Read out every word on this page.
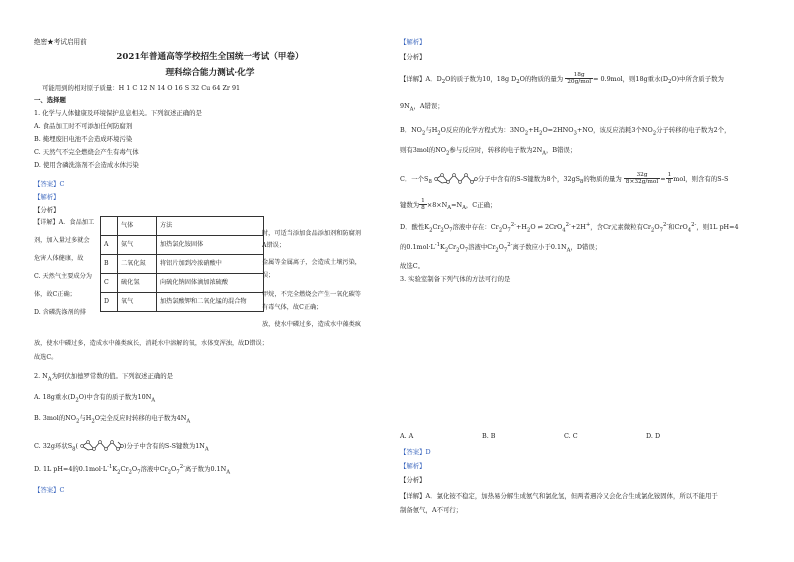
绝密★考试启用前
2021年普通高等学校招生全国统一考试（甲卷）
理科综合能力测试·化学
可能用到的相对原子质量：H 1 C 12 N 14 O 16 S 32 Cu 64 Zr 91
一、选择题
1. 化学与人体健康及环境保护息息相关。下列叙述正确的是
A. 食品加工时不可添加任何防腐剂
B. 掩埋废旧电池不会造成环境污染
C. 天然气不完全燃烧会产生有毒气体
D. 使用含磷洗涤剂不会造成水体污染
【答案】C
【解析】
【分析】
【详解】A．食品加工
剂，加入量过多就会
危害人体健康，故
C. 天然气主要成分为
体，故C正确；
D. 含磷洗涤剂的排
	气体	方法
A	氨气	加热氯化铵固体
B	二氧化氮	将铝片加到冷浓硝酸中
C	硫化氢	向硫化钠固体滴加浓硫酸
D	氧气	加热氯酸钾和二氧化锰的混合物
时，可适当添加食品添加剂和防腐剂
A错误；
金属等金属离子，会造成土壤污染，
误；
甲烷，不完全燃烧会产生一氧化碳等
有毒气体，故C正确；
放，使水中磷过多，造成水中藻类疯
放，使水中磷过多，造成水中藻类疯长，消耗水中溶解的氧，水体变浑浊，故D错误；
故选C。
2. $N_A$为阿伏加德罗常数的值。下列叙述正确的是
A. 18g重水$(D_2O)$中含有的质子数为$10N_A$
B. 3mol的$NO_2$与$H_2O$完全反应时转移的电子数为$4N_A$
C. 32g环状$S_8$(	)分子中含有的S-S键数为$1N_A$
D. 1L pH=4的$0.1mol\cdot L^{-1}K_2Cr_2O_7$溶液中$Cr_2O_7^{2-}$离子数为$0.1N_A$
【答案】C
【解析】
【分析】
【详解】A．$D_2O$的质子数为10，18g $D_2O$的物质的量为 $\frac{18g}{\text{20g/mol}} = 0.9mol$，则18g重水$(D_2O)$中所含质子数为
$9N_A$，A错误；
B．$NO_2$与$H_2O$反应的化学方程式为：$3NO_2+H_2O=2HNO_3+NO$，该反应消耗3个$NO_2$分子转移的电子数为2个，
则有3mol的$NO_2$参与反应时，转移的电子数为$2N_A$，B错误；
C．一个$S_8$	分子中含有的S-S键数为8个，$32gS_8$的物质的量为 $\frac{32g}{\text{8×32g/mol}} = \frac{1}{8}$ mol，则含有的S-S
键数为 $\frac{1}{8} \times 8\times N_A=N_A$，C正确；
D．酸性$K_2Cr_2O_7$溶液中存在：$Cr_2O_7^{2-}+H_2O$ ⇌ 2CrO$_4^{2-}$+2H+，含Cr元素微粒有$Cr_2O_7^{2-}$和CrO$_4^{2-}$，则1L pH=4
的$0.1mol\cdot L^{-1}K_2Cr_2O_7$溶液中$Cr_2O_7^{2-}$离子数应小于$0.1N_A$，D错误；
故选C。
3. 实验室制备下列气体的方法可行的是
A. A	B. B	C. C	D. D
【答案】D
【解析】
【分析】
【详解】A．氯化铵不稳定，加热易分解生成氨气和氯化氢，但两者遇冷又会化合生成氯化铵固体，所以不能用于
制备氨气，A不可行；
